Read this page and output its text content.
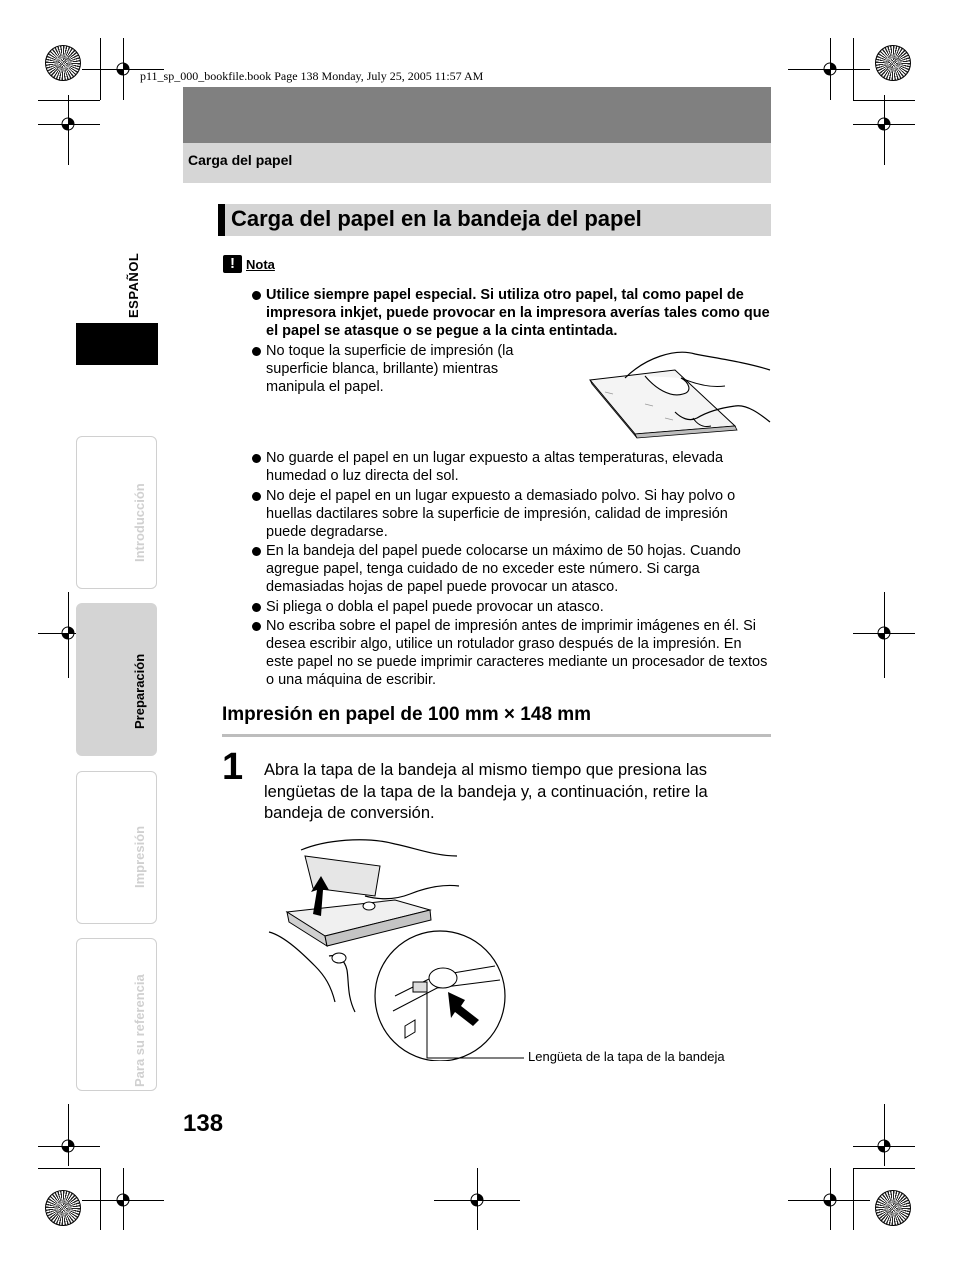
p11_sp_000_bookfile.book Page 138 Monday, July 25, 2005 11:57 AM
Carga del papel
Carga del papel en la bandeja del papel
! Nota
Utilice siempre papel especial. Si utiliza otro papel, tal como papel de impresora inkjet, puede provocar en la impresora averías tales como que el papel se atasque o se pegue a la cinta entintada.
No toque la superficie de impresión (la superficie blanca, brillante) mientras manipula el papel.
No guarde el papel en un lugar expuesto a altas temperaturas, elevada humedad o luz directa del sol.
No deje el papel en un lugar expuesto a demasiado polvo. Si hay polvo o huellas dactilares sobre la superficie de impresión, calidad de impresión puede degradarse.
En la bandeja del papel puede colocarse un máximo de 50 hojas. Cuando agregue papel, tenga cuidado de no exceder este número. Si carga demasiadas hojas de papel puede provocar un atasco.
Si pliega o dobla el papel puede provocar un atasco.
No escriba sobre el papel de impresión antes de imprimir imágenes en él. Si desea escribir algo, utilice un rotulador graso después de la impresión. En este papel no se puede imprimir caracteres mediante un procesador de textos o una máquina de escribir.
Impresión en papel de 100 mm × 148 mm
1 Abra la tapa de la bandeja al mismo tiempo que presiona las lengüetas de la tapa de la bandeja y, a continuación, retire la bandeja de conversión.
Lengüeta de la tapa de la bandeja
138
ESPAÑOL
Introducción
Preparación
Impresión
Para su referencia
